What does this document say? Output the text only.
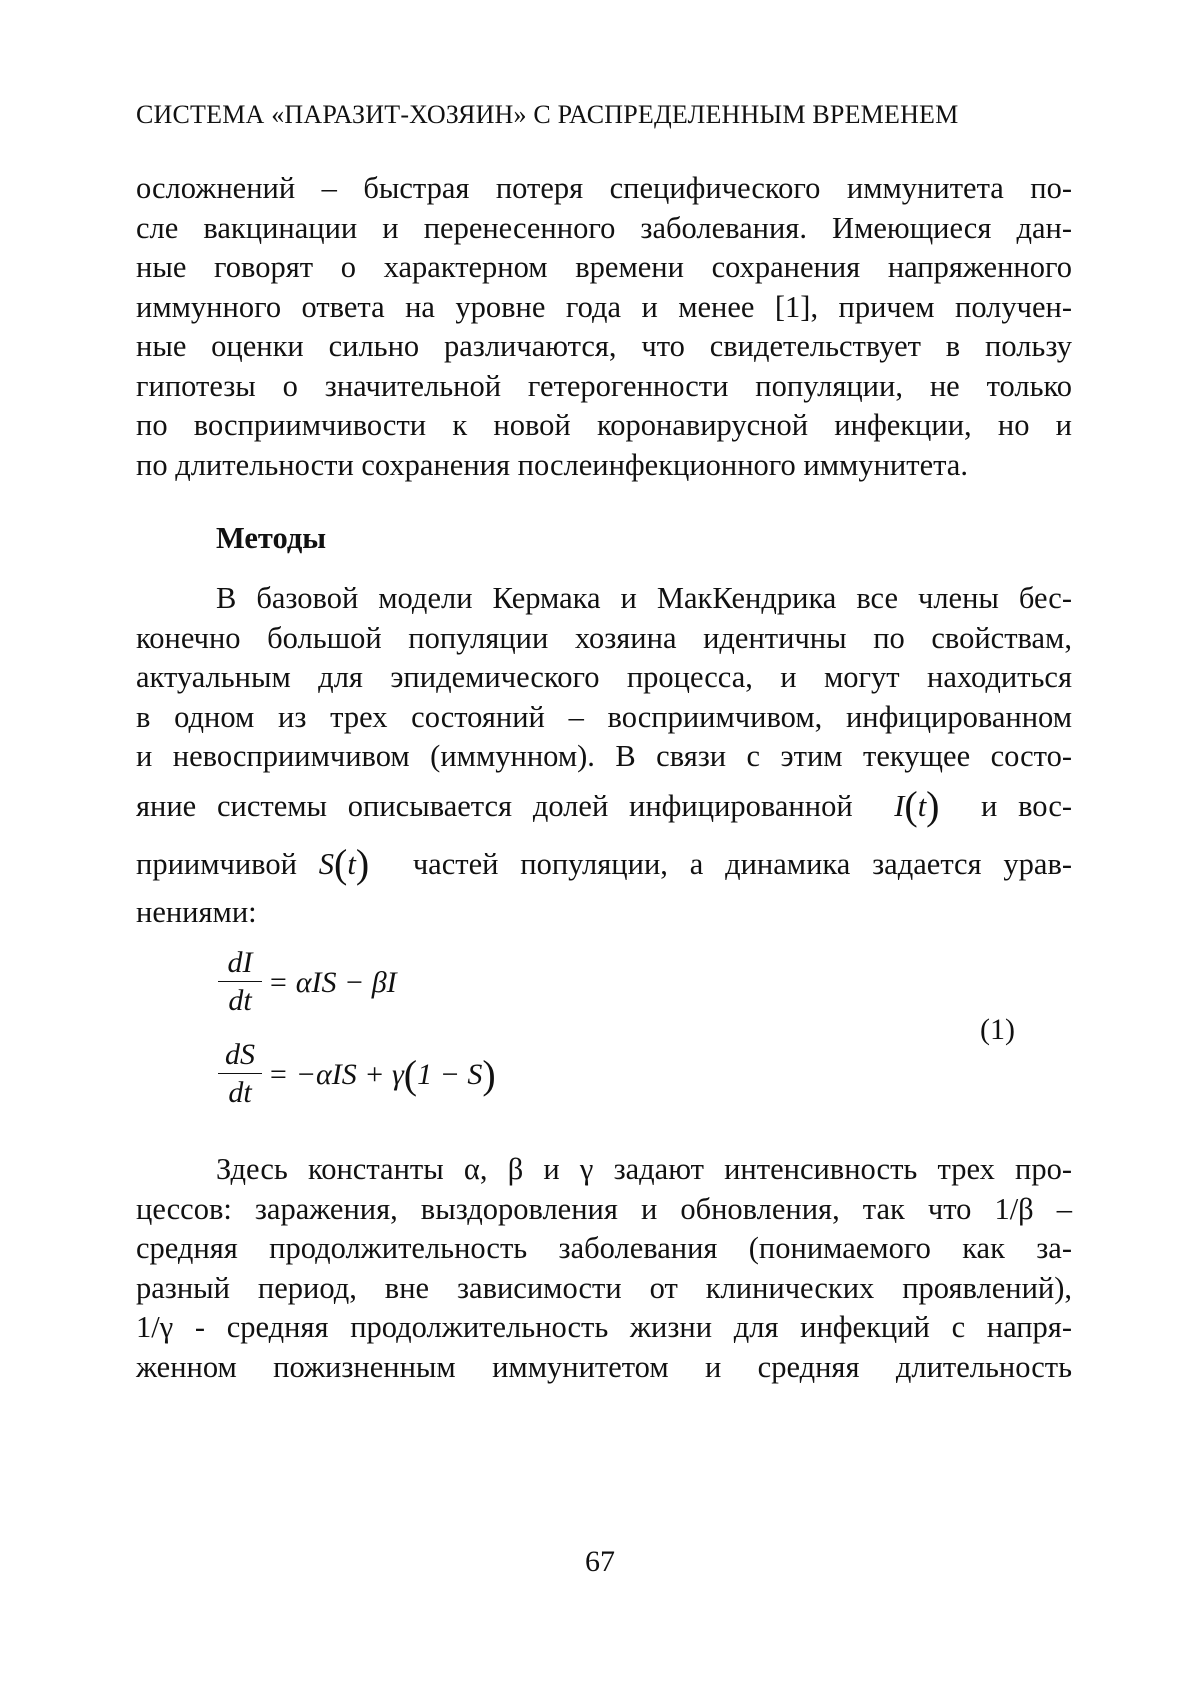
СИСТЕМА «ПАРАЗИТ-ХОЗЯИН» С РАСПРЕДЕЛЕННЫМ ВРЕМЕНЕМ
осложнений – быстрая потеря специфического иммунитета по-
сле вакцинации и перенесенного заболевания. Имеющиеся дан-
ные говорят о характерном времени сохранения напряженного
иммунного ответа на уровне года и менее [1], причем получен-
ные оценки сильно различаются, что свидетельствует в пользу
гипотезы о значительной гетерогенности популяции, не только
по восприимчивости к новой коронавирусной инфекции, но и
по длительности сохранения послеинфекционного иммунитета.
Методы
В базовой модели Кермака и МакКендрика все члены бес-
конечно большой популяции хозяина идентичны по свойствам,
актуальным для эпидемического процесса, и могут находиться
в одном из трех состояний – восприимчивом, инфицированном
и невосприимчивом (иммунном). В связи с этим текущее состо-
яние системы описывается долей инфицированной I(t) и вос-
приимчивой S(t) частей популяции, а динамика задается урав-
нениями:
$\frac{dI}{dt} = \alpha IS - \beta I$
$\frac{dS}{dt} = -\alpha IS + \gamma(1 - S)$
(1)
Здесь константы α, β и γ задают интенсивность трех про-
цессов: заражения, выздоровления и обновления, так что 1/β –
средняя продолжительность заболевания (понимаемого как за-
разный период, вне зависимости от клинических проявлений),
1/γ - средняя продолжительность жизни для инфекций с напря-
женном пожизненным иммунитетом и средняя длительность
67
